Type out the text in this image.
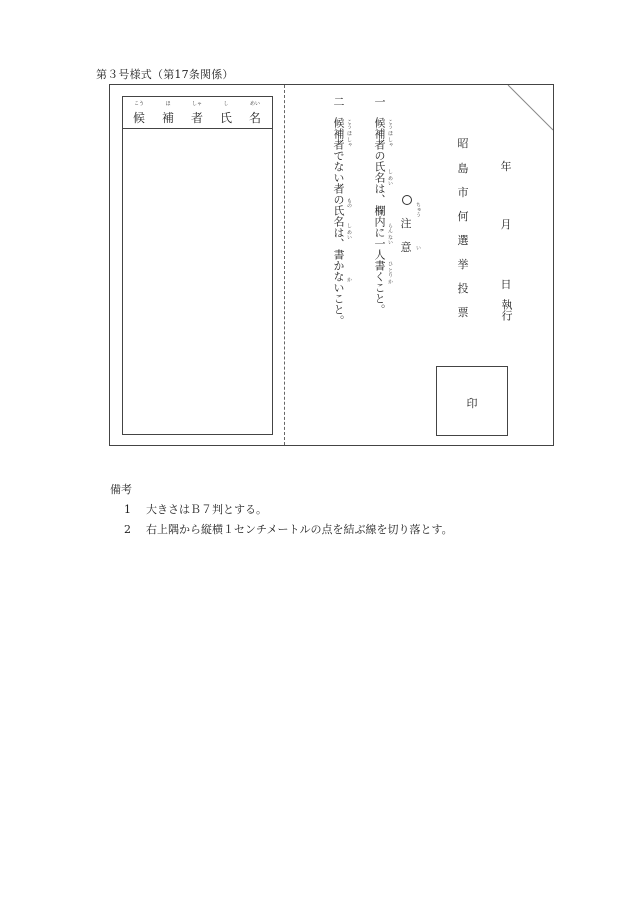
第３号様式（第17条関係）
こう	ほ	しゃ	し	めい
候	補	者	氏	名
二
候補者でない者の氏名は、書かないこと。 こう ほ しゃ
もの
し めい
か
一
候補者の氏名は、欄内に一人書くこと。 こう ほ しゃ
し めい
らん ない
ひ とり か
注
意
ちゅう
い
昭
島
市
何
選
挙
投
票
年
月
日
執行
印
備考
1 大きさはＢ７判とする。
2 右上隅から縦横１センチメートルの点を結ぶ線を切り落とす。
